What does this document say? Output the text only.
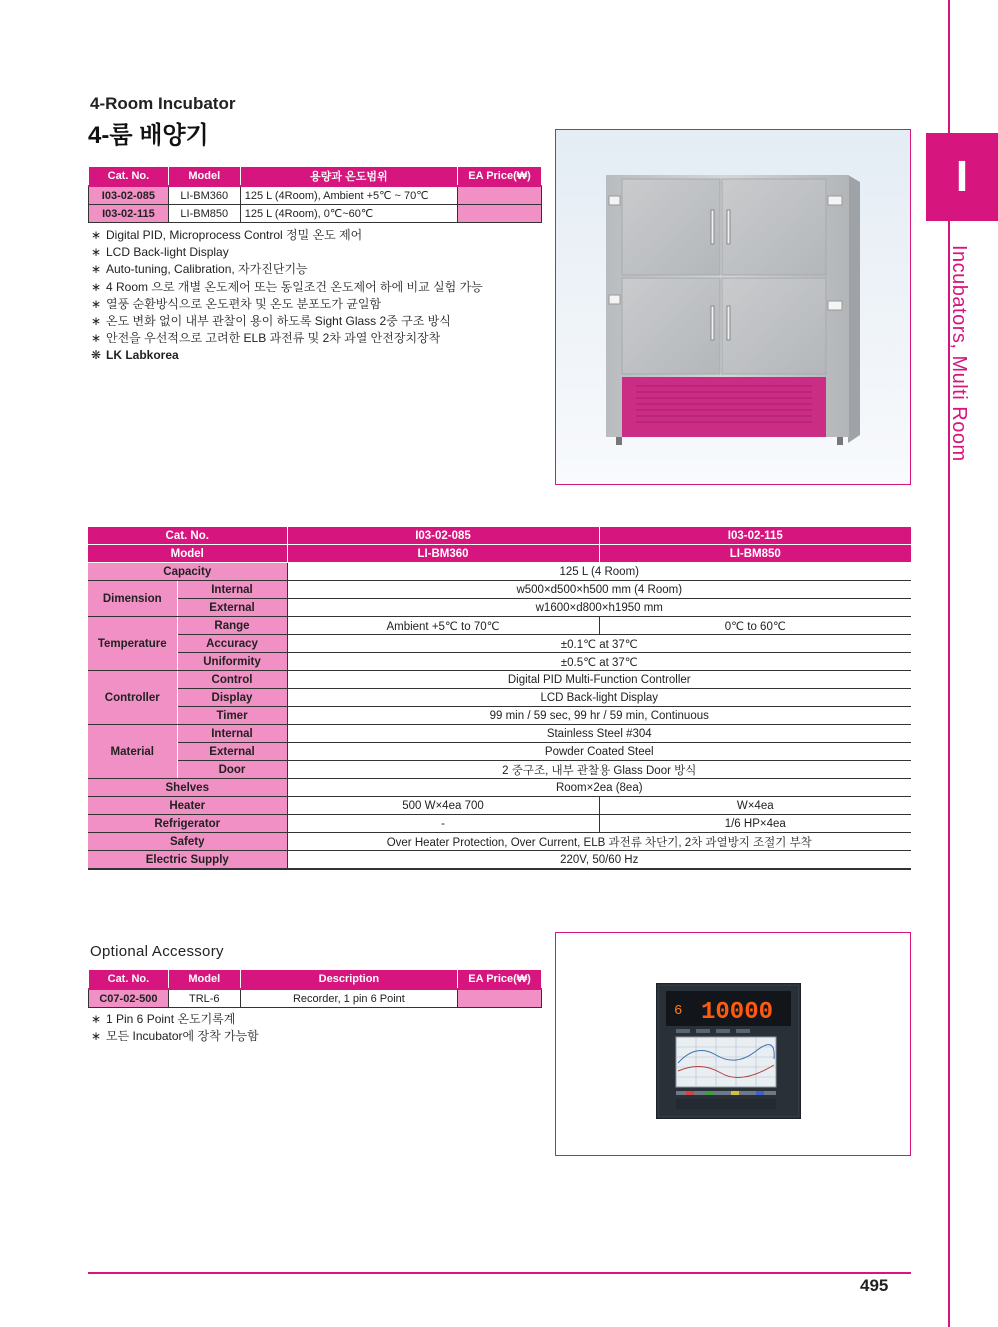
I
Incubators, Multi Room
4-Room Incubator
4-룸 배양기
Cat. No.	Model	용량과 온도범위	EA Price(₩)
I03-02-085	LI-BM360	125 L (4Room), Ambient +5℃ ~ 70℃	
I03-02-115	LI-BM850	125 L (4Room), 0℃~60℃	
∗ Digital PID, Microprocess Control 정밀 온도 제어
∗ LCD Back-light Display
∗ Auto-tuning, Calibration, 자가진단기능
∗ 4 Room 으로 개별 온도제어 또는 동일조건 온도제어 하에 비교 실험 가능
∗ 열풍 순환방식으로 온도편차 및 온도 분포도가 균일함
∗ 온도 변화 없이 내부 관찰이 용이 하도록 Sight Glass 2중 구조 방식
∗ 안전을 우선적으로 고려한 ELB 과전류 및 2차 과열 안전장치장착
❋ LK Labkorea
Cat. No.		I03-02-085	I03-02-115
Model		LI-BM360	LI-BM850
Capacity		125 L (4 Room)	
Dimension	Internal	w500×d500×h500 mm (4 Room)	
	External	w1600×d800×h1950 mm	
Temperature	Range	Ambient +5℃ to 70℃	0℃ to 60℃
	Accuracy	±0.1℃ at 37℃	
	Uniformity	±0.5℃ at 37℃	
Controller	Control	Digital PID Multi-Function Controller	
	Display	LCD Back-light Display	
	Timer	99 min / 59 sec, 99 hr / 59 min, Continuous	
Material	Internal	Stainless Steel #304	
	External	Powder Coated Steel	
	Door	2 중구조, 내부 관찰용 Glass Door 방식	
Shelves		Room×2ea (8ea)	
Heater		500 W×4ea 700	W×4ea
Refrigerator		-	1/6 HP×4ea
Safety		Over Heater Protection, Over Current, ELB 과전류 차단기, 2차 과열방지 조절기 부착	
Electric Supply		220V, 50/60 Hz	
Optional Accessory
Cat. No.	Model	Description	EA Price(₩)
C07-02-500	TRL-6	Recorder, 1 pin 6 Point	
∗ 1 Pin 6 Point 온도기록계
∗ 모든 Incubator에 장착 가능함
6 10000
495
